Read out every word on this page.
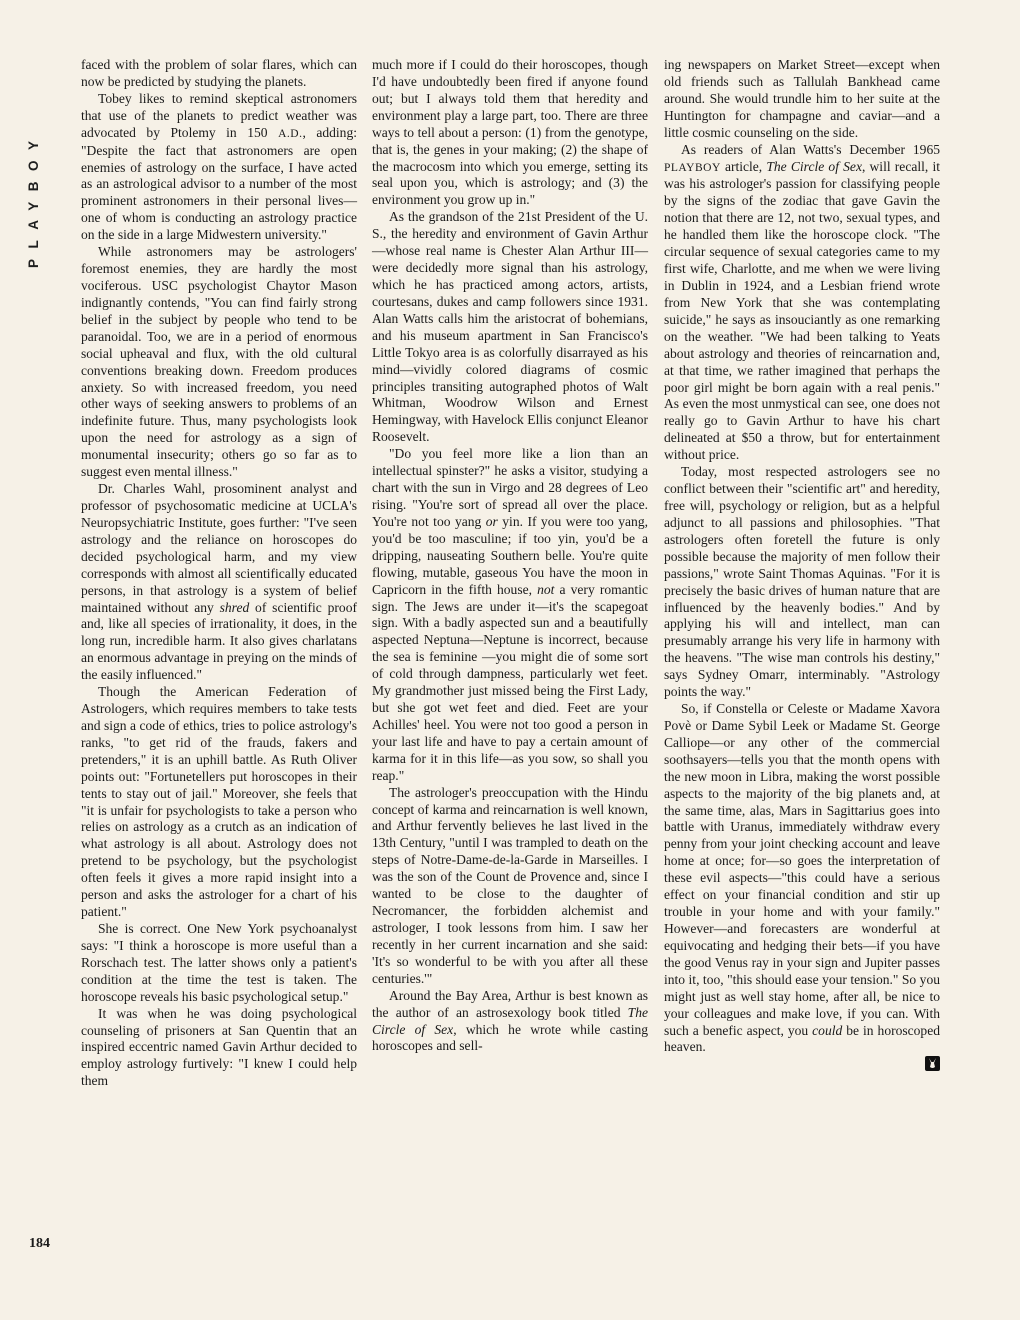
PLAYBOY

faced with the problem of solar flares, which can now be predicted by studying the planets.

Tobey likes to remind skeptical astronomers that use of the planets to predict weather was advocated by Ptolemy in 150 A.D., adding: "Despite the fact that astronomers are open enemies of astrology on the surface, I have acted as an astrological advisor to a number of the most prominent astronomers in their personal lives—one of whom is conducting an astrology practice on the side in a large Midwestern university."

While astronomers may be astrologers' foremost enemies, they are hardly the most vociferous. USC psychologist Chaytor Mason indignantly contends, "You can find fairly strong belief in the subject by people who tend to be paranoidal. Too, we are in a period of enormous social upheaval and flux, with the old cultural conventions breaking down. Freedom produces anxiety. So with increased freedom, you need other ways of seeking answers to problems of an indefinite future. Thus, many psychologists look upon the need for astrology as a sign of monumental insecurity; others go so far as to suggest even mental illness."

Dr. Charles Wahl, prosominent analyst and professor of psychosomatic medicine at UCLA's Neuropsychiatric Institute, goes further: "I've seen astrology and the reliance on horoscopes do decided psychological harm, and my view corresponds with almost all scientifically educated persons, in that astrology is a system of belief maintained without any shred of scientific proof and, like all species of irrationality, it does, in the long run, incredible harm. It also gives charlatans an enormous advantage in preying on the minds of the easily influenced."

Though the American Federation of Astrologers, which requires members to take tests and sign a code of ethics, tries to police astrology's ranks, "to get rid of the frauds, fakers and pretenders," it is an uphill battle. As Ruth Oliver points out: "Fortunetellers put horoscopes in their tents to stay out of jail." Moreover, she feels that "it is unfair for psychologists to take a person who relies on astrology as a crutch as an indication of what astrology is all about. Astrology does not pretend to be psychology, but the psychologist often feels it gives a more rapid insight into a person and asks the astrologer for a chart of his patient."

She is correct. One New York psychoanalyst says: "I think a horoscope is more useful than a Rorschach test. The latter shows only a patient's condition at the time the test is taken. The horoscope reveals his basic psychological setup."

It was when he was doing psychological counseling of prisoners at San Quentin that an inspired eccentric named Gavin Arthur decided to employ astrology furtively: "I knew I could help them

much more if I could do their horoscopes, though I'd have undoubtedly been fired if anyone found out; but I always told them that heredity and environment play a large part, too. There are three ways to tell about a person: (1) from the genotype, that is, the genes in your making; (2) the shape of the macrocosm into which you emerge, setting its seal upon you, which is astrology; and (3) the environment you grow up in."

As the grandson of the 21st President of the U. S., the heredity and environment of Gavin Arthur—whose real name is Chester Alan Arthur III—were decidedly more signal than his astrology, which he has practiced among actors, artists, courtesans, dukes and camp followers since 1931. Alan Watts calls him the aristocrat of bohemians, and his museum apartment in San Francisco's Little Tokyo area is as colorfully disarrayed as his mind—vividly colored diagrams of cosmic principles transiting autographed photos of Walt Whitman, Woodrow Wilson and Ernest Hemingway, with Havelock Ellis conjunct Eleanor Roosevelt.

"Do you feel more like a lion than an intellectual spinster?" he asks a visitor, studying a chart with the sun in Virgo and 28 degrees of Leo rising. "You're sort of spread all over the place. You're not too yang or yin. If you were too yang, you'd be too masculine; if too yin, you'd be a dripping, nauseating Southern belle. You're quite flowing, mutable, gaseous You have the moon in Capricorn in the fifth house, not a very romantic sign. The Jews are under it—it's the scapegoat sign. With a badly aspected sun and a beautifully aspected Neptuna—Neptune is incorrect, because the sea is feminine —you might die of some sort of cold through dampness, particularly wet feet. My grandmother just missed being the First Lady, but she got wet feet and died. Feet are your Achilles' heel. You were not too good a person in your last life and have to pay a certain amount of karma for it in this life—as you sow, so shall you reap."

The astrologer's preoccupation with the Hindu concept of karma and reincarnation is well known, and Arthur fervently believes he last lived in the 13th Century, "until I was trampled to death on the steps of Notre-Dame-de-la-Garde in Marseilles. I was the son of the Count de Provence and, since I wanted to be close to the daughter of Necromancer, the forbidden alchemist and astrologer, I took lessons from him. I saw her recently in her current incarnation and she said: 'It's so wonderful to be with you after all these centuries.'"

Around the Bay Area, Arthur is best known as the author of an astrosexology book titled The Circle of Sex, which he wrote while casting horoscopes and sell-

ing newspapers on Market Street—except when old friends such as Tallulah Bankhead came around. She would trundle him to her suite at the Huntington for champagne and caviar—and a little cosmic counseling on the side.

As readers of Alan Watts's December 1965 PLAYBOY article, The Circle of Sex, will recall, it was his astrologer's passion for classifying people by the signs of the zodiac that gave Gavin the notion that there are 12, not two, sexual types, and he handled them like the horoscope clock. "The circular sequence of sexual categories came to my first wife, Charlotte, and me when we were living in Dublin in 1924, and a Lesbian friend wrote from New York that she was contemplating suicide," he says as insouciantly as one remarking on the weather. "We had been talking to Yeats about astrology and theories of reincarnation and, at that time, we rather imagined that perhaps the poor girl might be born again with a real penis." As even the most unmystical can see, one does not really go to Gavin Arthur to have his chart delineated at $50 a throw, but for entertainment without price.

Today, most respected astrologers see no conflict between their "scientific art" and heredity, free will, psychology or religion, but as a helpful adjunct to all passions and philosophies. "That astrologers often foretell the future is only possible because the majority of men follow their passions," wrote Saint Thomas Aquinas. "For it is precisely the basic drives of human nature that are influenced by the heavenly bodies." And by applying his will and intellect, man can presumably arrange his very life in harmony with the heavens. "The wise man controls his destiny," says Sydney Omarr, interminably. "Astrology points the way."

So, if Constella or Celeste or Madame Xavora Povè or Dame Sybil Leek or Madame St. George Calliope—or any other of the commercial soothsayers—tells you that the month opens with the new moon in Libra, making the worst possible aspects to the majority of the big planets and, at the same time, alas, Mars in Sagittarius goes into battle with Uranus, immediately withdraw every penny from your joint checking account and leave home at once; for—so goes the interpretation of these evil aspects—"this could have a serious effect on your financial condition and stir up trouble in your home and with your family." However—and forecasters are wonderful at equivocating and hedging their bets—if you have the good Venus ray in your sign and Jupiter passes into it, too, "this should ease your tension." So you might just as well stay home, after all, be nice to your colleagues and make love, if you can. With such a benefic aspect, you could be in horoscoped heaven.

184
